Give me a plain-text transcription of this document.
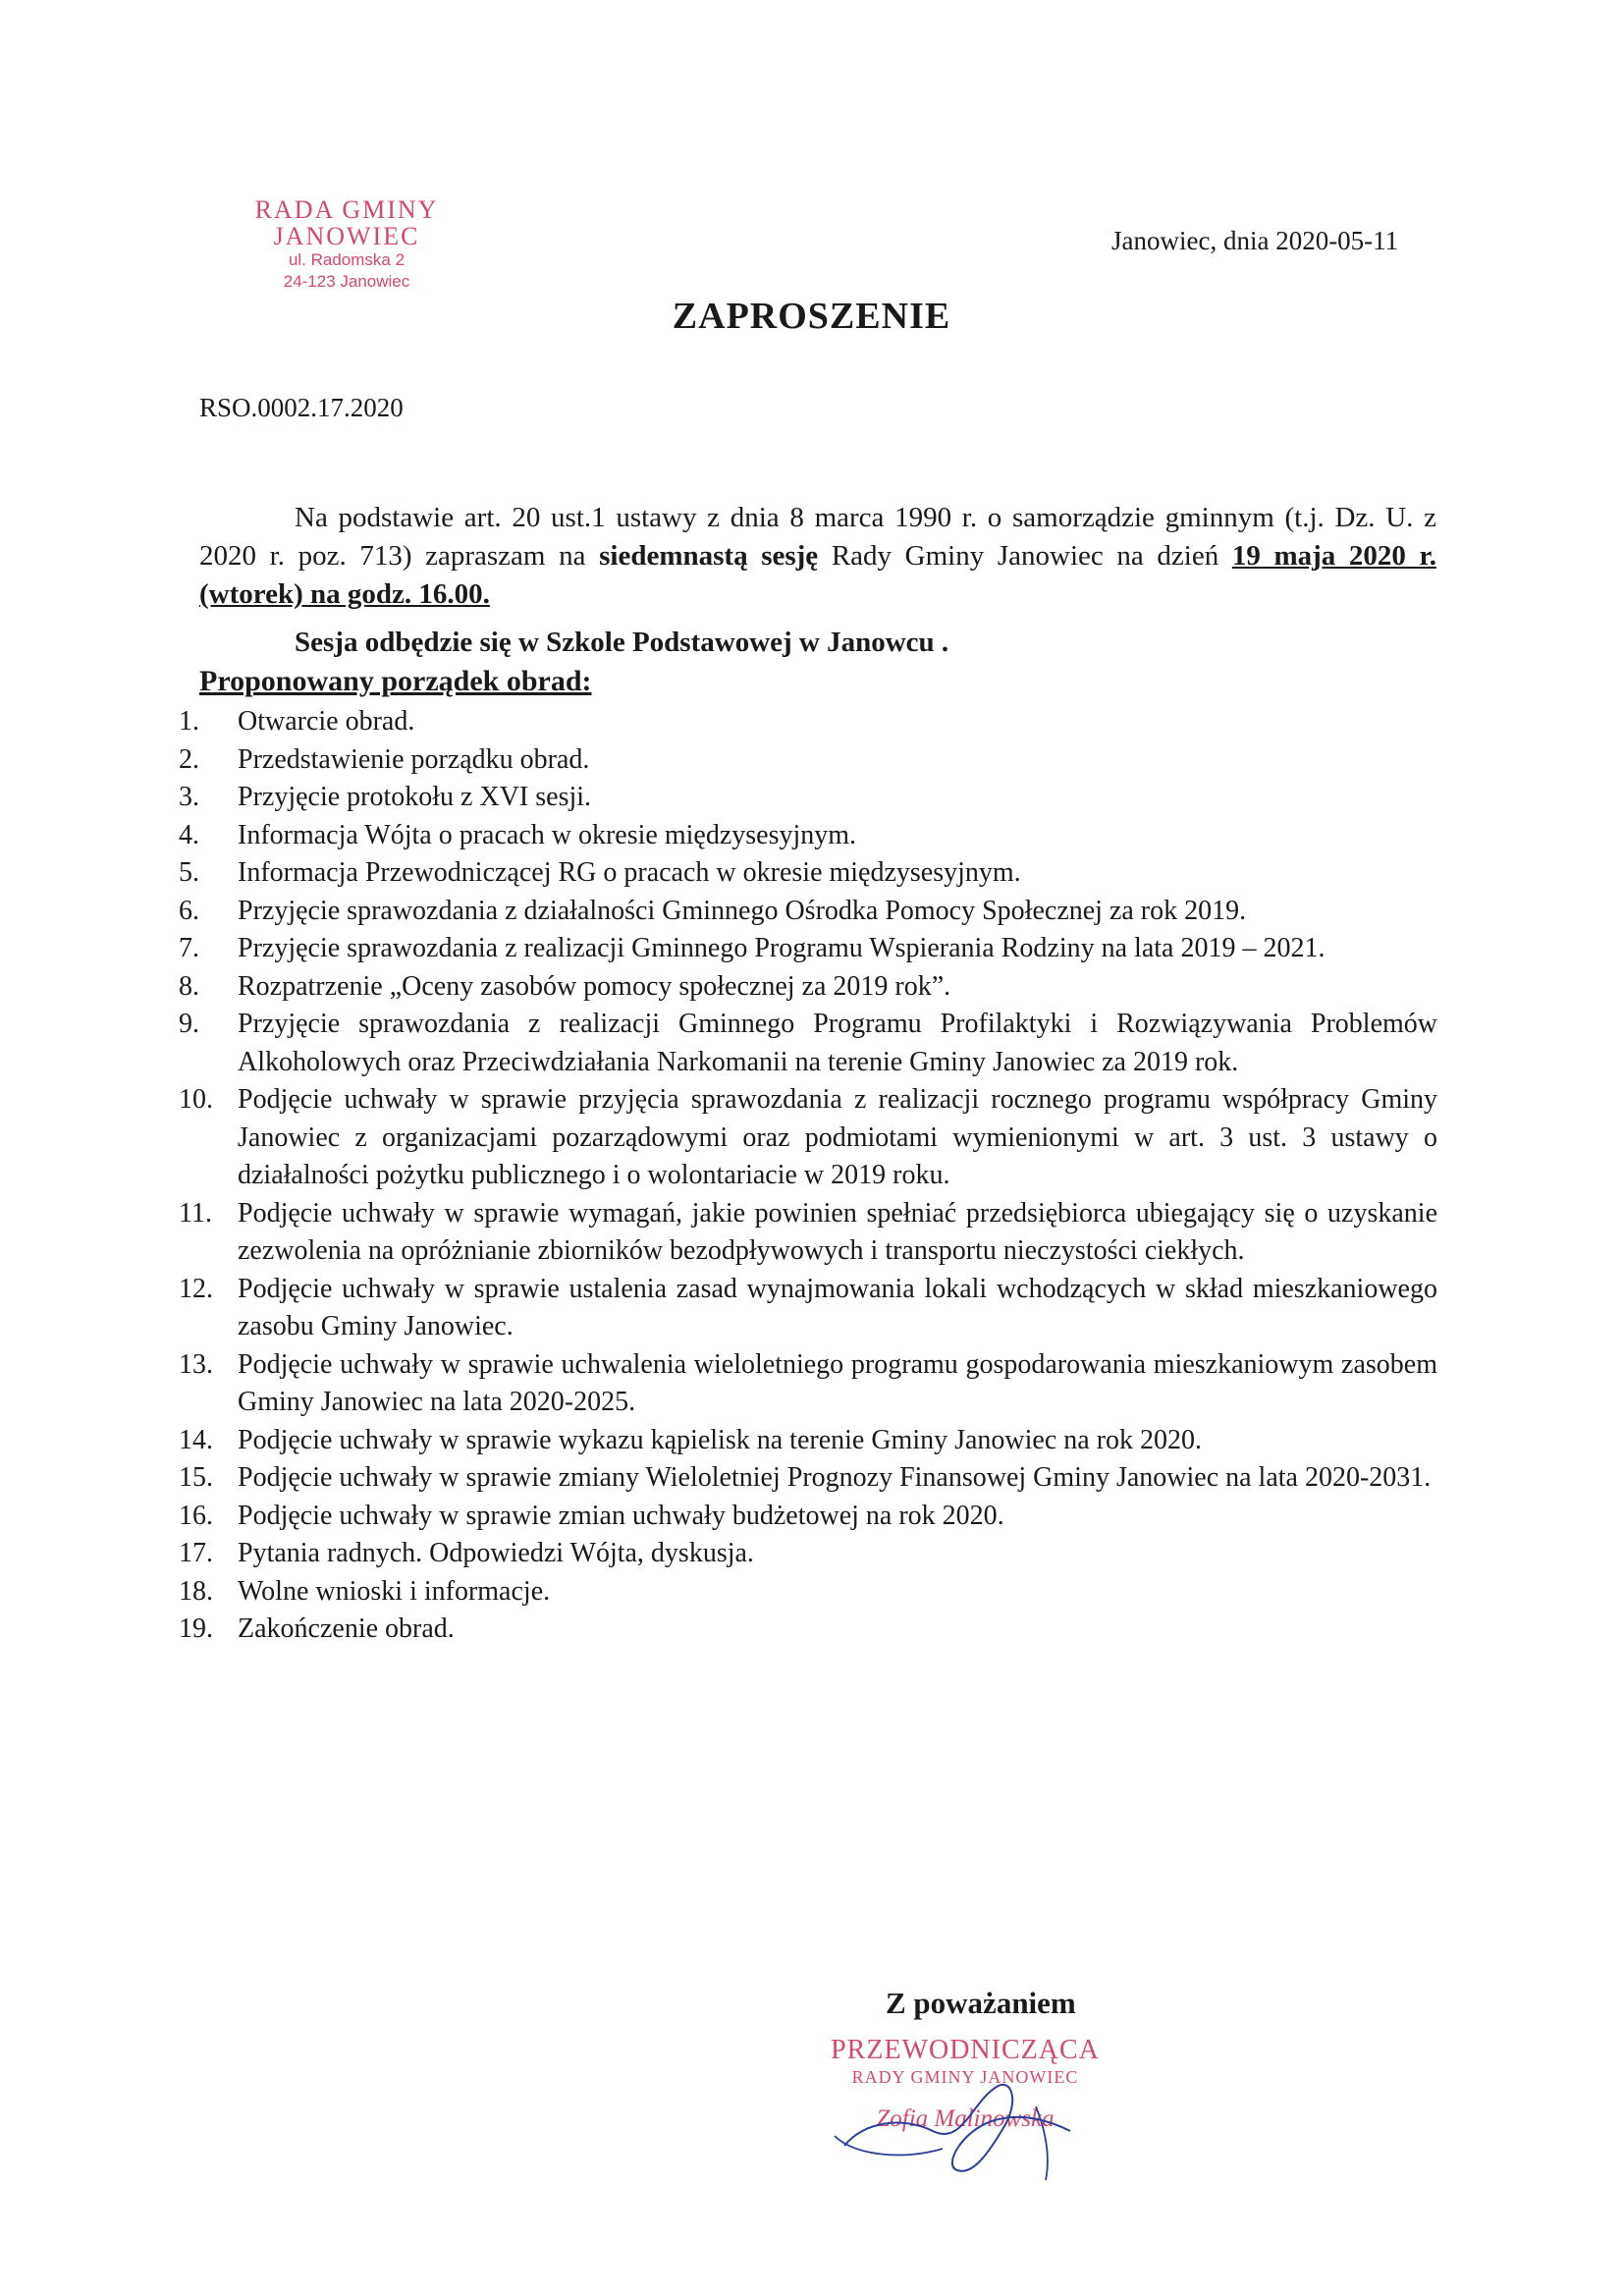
RADA GMINY
JANOWIEC
ul. Radomska 2
24-123 Janowiec
Janowiec, dnia 2020-05-11
ZAPROSZENIE
RSO.0002.17.2020

Na podstawie art. 20 ust.1 ustawy z dnia 8 marca 1990 r. o samorządzie gminnym (t.j. Dz. U. z 2020 r. poz. 713) zapraszam na siedemnastą sesję Rady Gminy Janowiec na dzień 19 maja 2020 r. (wtorek) na godz. 16.00.

Sesja odbędzie się w Szkole Podstawowej w Janowcu .
Proponowany porządek obrad:
1.	Otwarcie obrad.
2.	Przedstawienie porządku obrad.
3.	Przyjęcie protokołu z XVI sesji.
4.	Informacja Wójta o pracach w okresie międzysesyjnym.
5.	Informacja Przewodniczącej RG o pracach w okresie międzysesyjnym.
6.	Przyjęcie sprawozdania z działalności Gminnego Ośrodka Pomocy Społecznej za rok 2019.
7.	Przyjęcie sprawozdania z realizacji Gminnego Programu Wspierania Rodziny na lata 2019 – 2021.
8.	Rozpatrzenie „Oceny zasobów pomocy społecznej za 2019 rok”.
9.	Przyjęcie sprawozdania z realizacji Gminnego Programu Profilaktyki i Rozwiązywania Problemów Alkoholowych oraz Przeciwdziałania Narkomanii na terenie Gminy Janowiec za 2019 rok.
10. Podjęcie uchwały w sprawie przyjęcia sprawozdania z realizacji rocznego programu współpracy Gminy Janowiec z organizacjami pozarządowymi oraz podmiotami wymienionymi w art. 3 ust. 3 ustawy o działalności pożytku publicznego i o wolontariacie w 2019 roku.
11. Podjęcie uchwały w sprawie wymagań, jakie powinien spełniać przedsiębiorca ubiegający się o uzyskanie zezwolenia na opróżnianie zbiorników bezodpływowych i transportu nieczystości ciekłych.
12. Podjęcie uchwały w sprawie ustalenia zasad wynajmowania lokali wchodzących w skład mieszkaniowego zasobu Gminy Janowiec.
13. Podjęcie uchwały w sprawie uchwalenia wieloletniego programu gospodarowania mieszkaniowym zasobem Gminy Janowiec na lata 2020-2025.
14. Podjęcie uchwały w sprawie wykazu kąpielisk na terenie Gminy Janowiec na rok 2020.
15. Podjęcie uchwały w sprawie zmiany Wieloletniej Prognozy Finansowej Gminy Janowiec na lata 2020-2031.
16. Podjęcie uchwały w sprawie zmian uchwały budżetowej na rok 2020.
17. Pytania radnych. Odpowiedzi Wójta, dyskusja.
18. Wolne wnioski i informacje.
19. Zakończenie obrad.
Z poważaniem
PRZEWODNICZĄCA
RADY GMINY JANOWIEC
Zofia Malinowska
